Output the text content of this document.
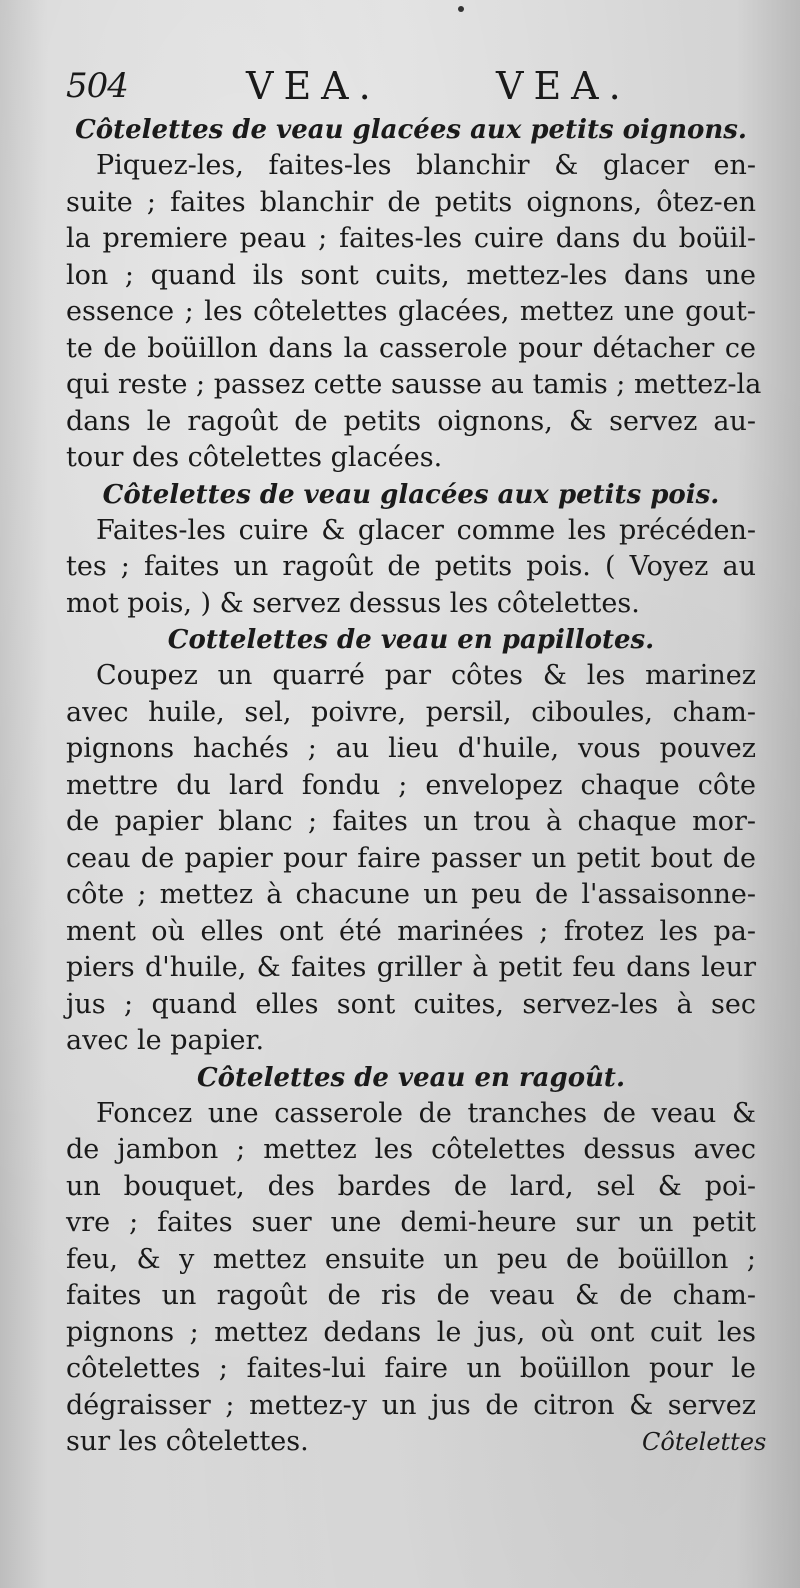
504	VEA.	VEA.
Côtelettes de veau glacées aux petits oignons.

Piquez-les, faites-les blanchir & glacer en-
suite ; faites blanchir de petits oignons, ôtez-en
la premiere peau ; faites-les cuire dans du boüil-
lon ; quand ils sont cuits, mettez-les dans une
essence ; les côtelettes glacées, mettez une gout-
te de boüillon dans la casserole pour détacher ce
qui reste ; passez cette sausse au tamis ; mettez-la
dans le ragoût de petits oignons, & servez au-
tour des côtelettes glacées.

Côtelettes de veau glacées aux petits pois.

Faites-les cuire & glacer comme les précéden-
tes ; faites un ragoût de petits pois. ( Voyez au
mot pois, ) & servez dessus les côtelettes.

Cottelettes de veau en papillotes.

Coupez un quarré par côtes & les marinez
avec huile, sel, poivre, persil, ciboules, cham-
pignons hachés ; au lieu d'huile, vous pouvez
mettre du lard fondu ; envelopez chaque côte
de papier blanc ; faites un trou à chaque mor-
ceau de papier pour faire passer un petit bout de
côte ; mettez à chacune un peu de l'assaisonne-
ment où elles ont été marinées ; frotez les pa-
piers d'huile, & faites griller à petit feu dans leur
jus ; quand elles sont cuites, servez-les à sec
avec le papier.

Côtelettes de veau en ragoût.

Foncez une casserole de tranches de veau &
de jambon ; mettez les côtelettes dessus avec
un bouquet, des bardes de lard, sel & poi-
vre ; faites suer une demi-heure sur un petit
feu, & y mettez ensuite un peu de boüillon ;
faites un ragoût de ris de veau & de cham-
pignons ; mettez dedans le jus, où ont cuit les
côtelettes ; faites-lui faire un boüillon pour le
dégraisser ; mettez-y un jus de citron & servez
sur les côtelettes.	Côtelettes
